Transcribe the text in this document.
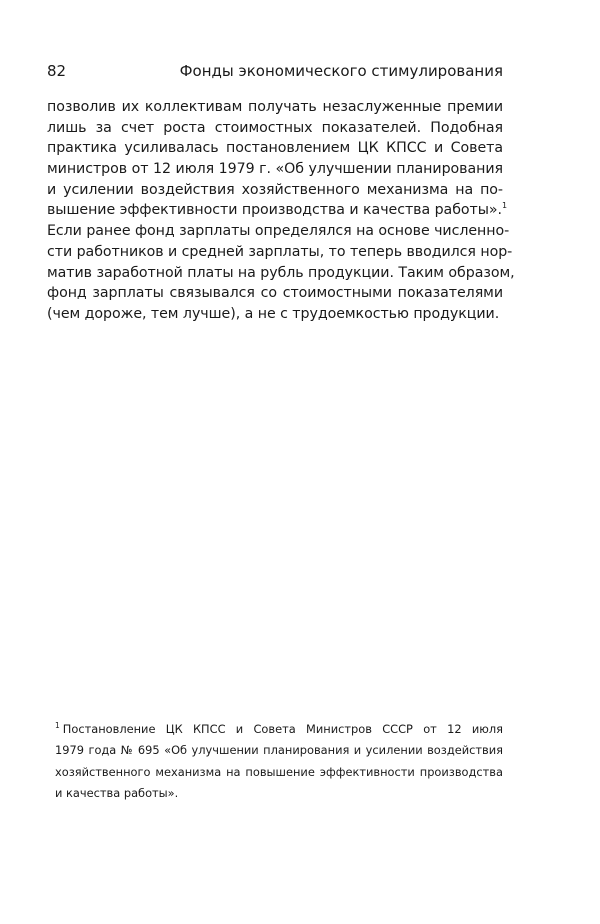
82	Фонды экономического стимулирования
позволив их коллективам получать незаслуженные премии
лишь за счет роста стоимостных показателей. Подобная
практика усиливалась постановлением ЦК КПСС и Совета
министров от 12 июля 1979 г. «Об улучшении планирования
и усилении воздействия хозяйственного механизма на по-
вышение эффективности производства и качества работы».$^1$
Если ранее фонд зарплаты определялся на основе численно-
сти работников и средней зарплаты, то теперь вводился нор-
матив заработной платы на рубль продукции. Таким образом,
фонд зарплаты связывался со стоимостными показателями
(чем дороже, тем лучше), а не с трудоемкостью продукции.
$^1$ Постановление ЦК КПСС и Совета Министров СССР от 12 июля
1979 года № 695 «Об улучшении планирования и усилении воздействия
хозяйственного механизма на повышение эффективности производства
и качества работы».
